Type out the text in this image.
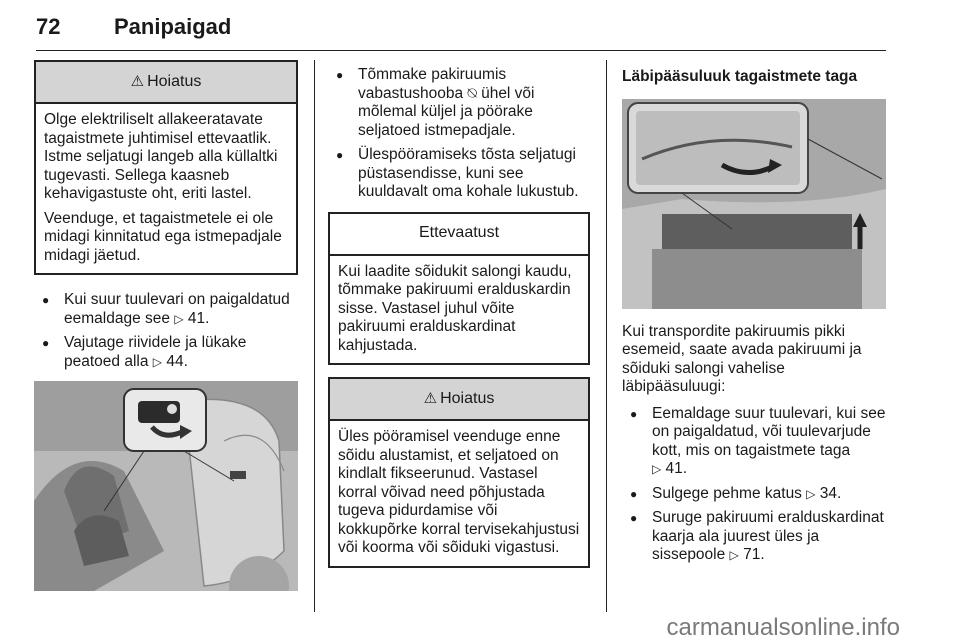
72 Panipaigad
⚠ Hoiatus

Olge elektriliselt allakeeratavate tagaistmete juhtimisel ettevaatlik. Istme seljatugi langeb alla küllaltki tugevasti. Sellega kaasneb kehavigastuste oht, eriti lastel.

Veenduge, et tagaistmetele ei ole midagi kinnitatud ega istmepadjale midagi jäetud.

● Kui suur tuulevari on paigaldatud eemaldage see ▷ 41.
● Vajutage riividele ja lükake peatoed alla ▷ 44.
● Tõmmake pakiruumis vabastushooba ⍉ ühel või mõlemal küljel ja pöörake seljatoed istmepadjale.
● Ülespööramiseks tõsta seljatugi püstasendisse, kuni see kuuldavalt oma kohale lukustub.
Ettevaatust

Kui laadite sõidukit salongi kaudu, tõmmake pakiruumi eralduskardin sisse. Vastasel juhul võite pakiruumi eralduskardinat kahjustada.

⚠ Hoiatus

Üles pööramisel veenduge enne sõidu alustamist, et seljatoed on kindlalt fikseerunud. Vastasel korral võivad need põhjustada tugeva pidurdamise või kokkupõrke korral tervisekahjustusi või koorma või sõiduki vigastusi.

Läbipääsuluuk tagaistmete taga

Kui transpordite pakiruumis pikki esemeid, saate avada pakiruumi ja sõiduki salongi vahelise läbipääsuluugi:

● Eemaldage suur tuulevari, kui see on paigaldatud, või tuulevarjude kott, mis on tagaistmete taga ▷ 41.
● Sulgege pehme katus ▷ 34.
● Suruge pakiruumi eralduskardinat kaarja ala juurest üles ja sissepoole ▷ 71.
carmanualsonline.info
